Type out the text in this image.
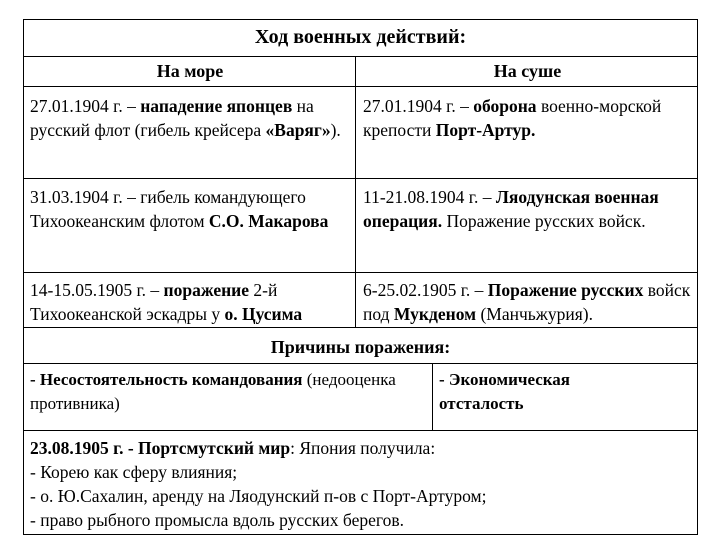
Ход военных действий:
На море	На суше
27.01.1904 г. – нападение японцев на русский флот (гибель крейсера «Варяг»).
27.01.1904 г. – оборона военно-морской крепости Порт-Артур.
31.03.1904 г. – гибель командующего Тихоокеанским флотом С.О. Макарова
11-21.08.1904 г. – Ляодунская военная операция. Поражение русских войск.
14-15.05.1905 г. – поражение 2-й Тихоокеанской эскадры у о. Цусима
6-25.02.1905 г. – Поражение русских войск под Мукденом (Манчьжурия).
Причины поражения:
- Несостоятельность командования (недооценка противника)
- Экономическая отсталость
23.08.1905 г. - Портсмутский мир: Япония получила:
- Корею как сферу влияния;
- о. Ю.Сахалин, аренду на Ляодунский п-ов с Порт-Артуром;
- право рыбного промысла вдоль русских берегов.
